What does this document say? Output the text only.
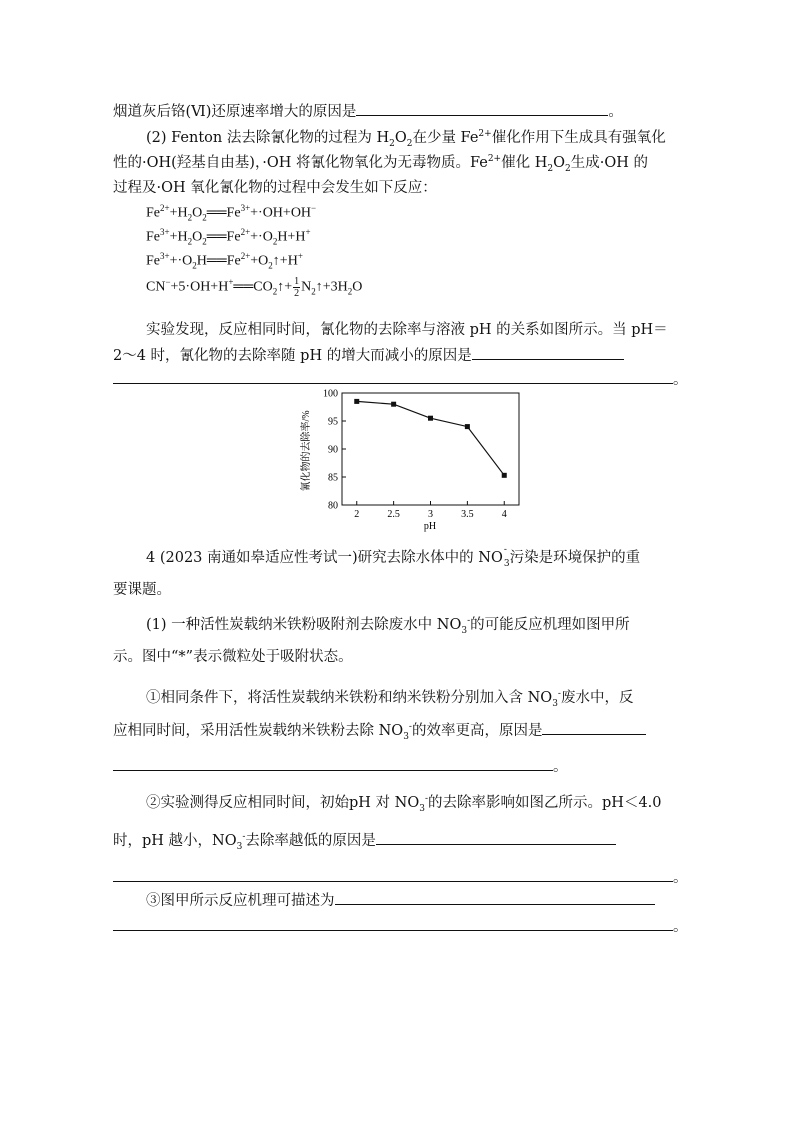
烟道灰后铬(Ⅵ)还原速率增大的原因是	。
(2) Fenton 法去除氰化物的过程为 $H_2O_2$在少量 $Fe^{2+}$催化作用下生成具有强氧化
性的·OH(羟基自由基)，·OH 将氰化物氧化为无毒物质。$Fe^{2+}$催化 $H_2O_2$生成·OH 的
过程及·OH 氧化氰化物的过程中会发生如下反应：
$Fe^{2+}+H_2O_2══Fe^{3+}+\cdot OH+OH^-$
$Fe^{3+}+H_2O_2══Fe^{2+}+\cdot O_2H+H^+$
$Fe^{3+}+\cdot O_2H══Fe^{2+}+O_2↑+H^+$
$CN^-+5\cdot OH+H^+══CO_2↑+ \frac{1}{2}$ $N_2↑+3H_2O$
实验发现，反应相同时间，氰化物的去除率与溶液 pH 的关系如图所示。当 pH＝
2～4 时，氰化物的去除率随 pH 的增大而减小的原因是
。
80
85
90
95
100
2	2.5	3	3.5	4
pH
氰化物的去除率/%
4 (2023 南通如皋适应性考试一)研究去除水体中的 NO -
$_3$污染是环境保护的重
要课题。
(1) 一种活性炭载纳米铁粉吸附剂去除废水中 $NO_3^-$的可能反应机理如图甲所
示。图中“*”表示微粒处于吸附状态。
①相同条件下，将活性炭载纳米铁粉和纳米铁粉分别加入含 $NO_3^-$废水中，反
应相同时间，采用活性炭载纳米铁粉去除 $NO_3^-$的效率更高，原因是
。
②实验测得反应相同时间，初始pH 对 $NO_3^-$的去除率影响如图乙所示。pH＜4.0
时，pH 越小，$NO_3^-$去除率越低的原因是
。
③图甲所示反应机理可描述为
。
